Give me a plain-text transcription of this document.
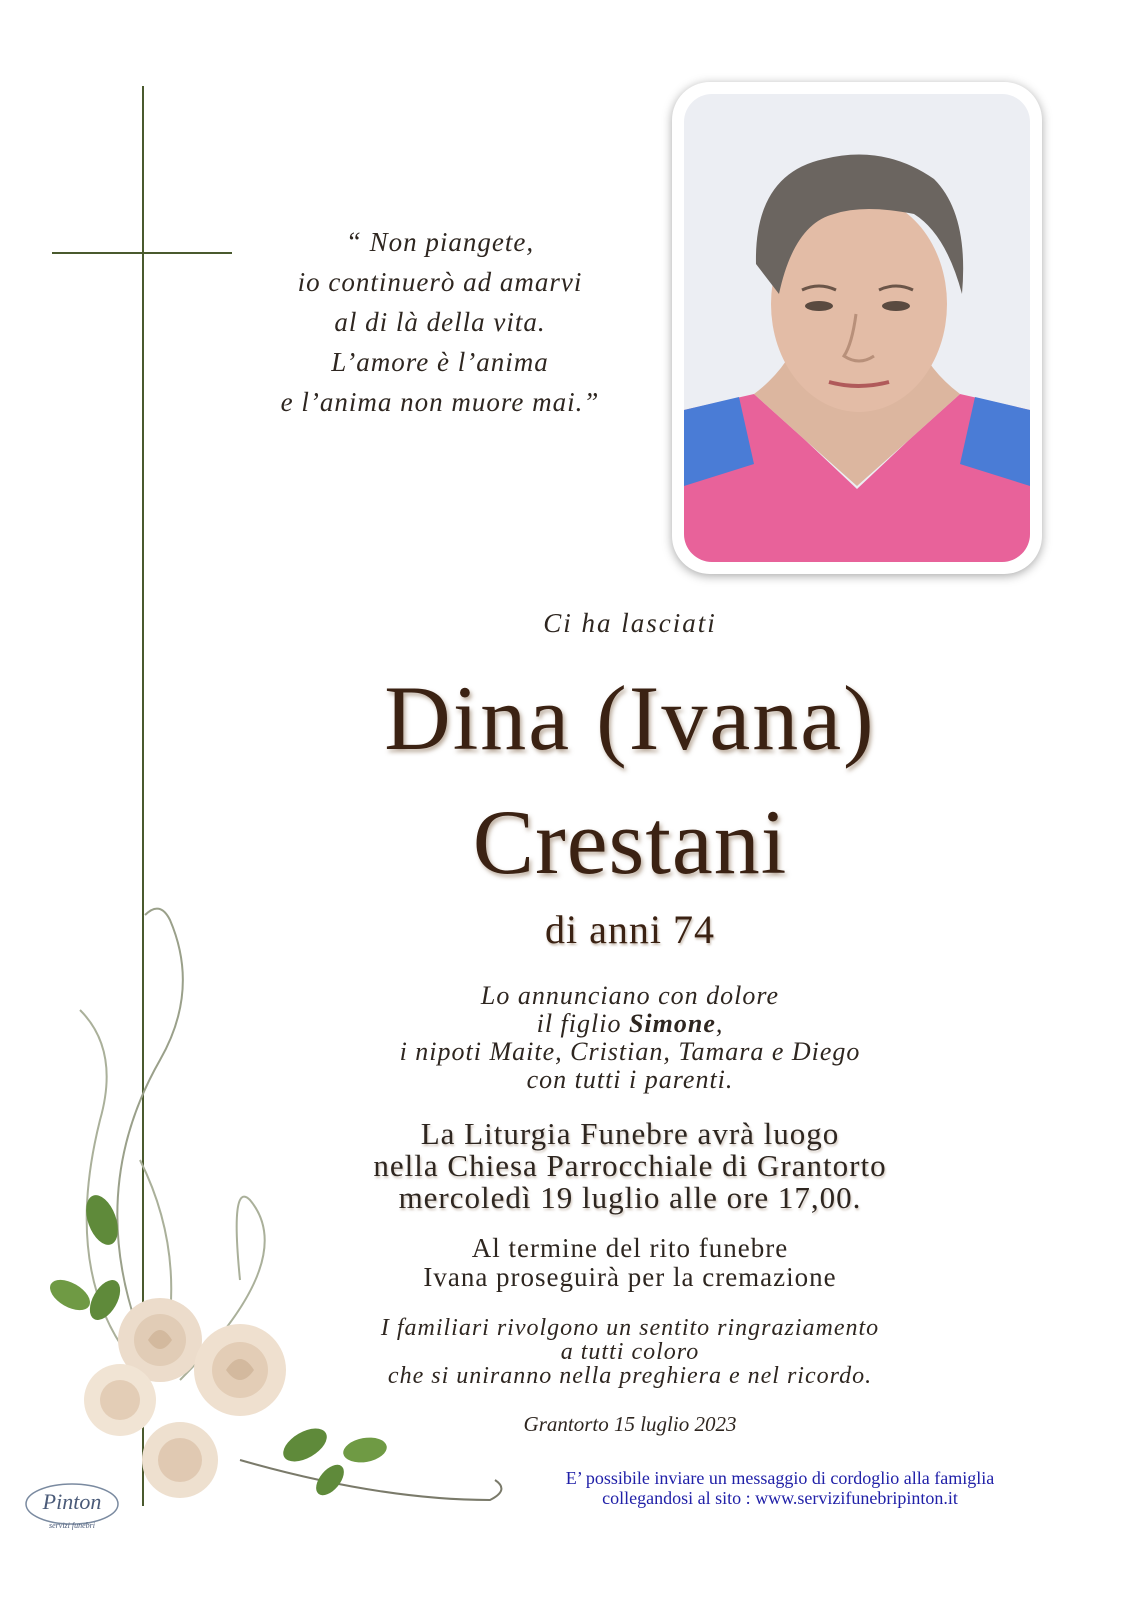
“ Non piangete,
io continuerò ad amarvi
al di là della vita.
L’amore è l’anima
e l’anima non muore mai.”
Ci ha lasciati
Dina (Ivana)
Crestani
di anni 74
Lo annunciano con dolore
il figlio Simone,
i nipoti Maite, Cristian, Tamara e Diego
con tutti i parenti.
La Liturgia Funebre avrà luogo
nella Chiesa Parrocchiale di Grantorto
mercoledì 19 luglio alle ore 17,00.
Al termine del rito funebre
Ivana proseguirà per la cremazione
I familiari rivolgono un sentito ringraziamento
a tutti coloro
che si uniranno nella preghiera e nel ricordo.
Grantorto 15 luglio 2023
E’ possibile inviare un messaggio di cordoglio alla famiglia
collegandosi al sito : www.servizifunebripinton.it
Pinton
servizi funebri
